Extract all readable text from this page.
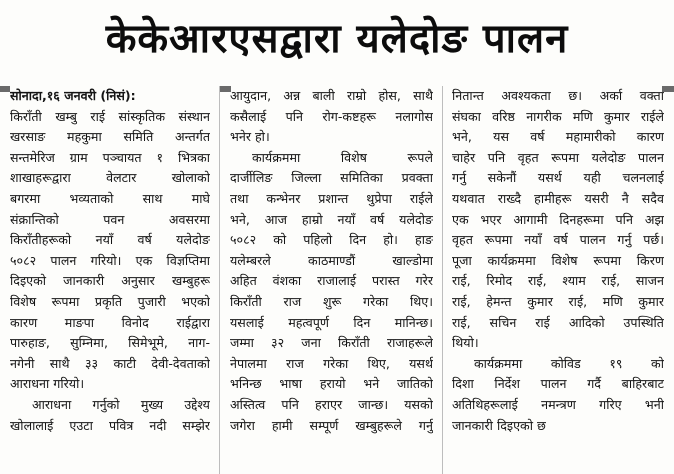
केकेआरएसद्वारा यलेदोङ पालन
सोनादा,१६ जनवरी (निसं):
किराँती खम्बु राई सांस्कृतिक संस्थान
खरसाङ महकुमा समिति अन्तर्गत
सन्तमेरिज ग्राम पञ्चायत १ भित्रका
शाखाहरूद्वारा वेलटार खोलाको
बगरमा भव्यताको साथ माघे
संक्रान्तिको पवन अवसरमा
किराँतीहरूको नयाँ वर्ष यलेदोङ
५०८२ पालन गरियो। एक विज्ञप्तिमा
दिइएको जानकारी अनुसार खम्बुहरू
विशेष रूपमा प्रकृति पुजारी भएको
कारण माङपा विनोद राईद्वारा
पारुहाङ, सुम्निमा, सिमेभूमे, नाग-
नगेनी साथै ३३ काटी देवी-देवताको
आराधना गरियो।
आराधना गर्नुको मुख्य उद्देश्य
खोलालाई एउटा पवित्र नदी सम्झेर
आयुदान, अन्न बाली राम्रो होस, साथै
कसैलाई पनि रोग-कष्टहरू नलागोस
भनेर हो।
कार्यक्रममा विशेष रूपले
दार्जीलिङ जिल्ला समितिका प्रवक्ता
तथा कन्भेनर प्रशान्त थुप्रेपा राईले
भने, आज हाम्रो नयाँ वर्ष यलेदोङ
५०८२ को पहिलो दिन हो। हाङ
यलेम्बरले काठमाण्डौं खाल्डोमा
अहित वंशका राजालाई परास्त गरेर
किराँती राज शुरू गरेका थिए।
यसलाई महत्वपूर्ण दिन मानिन्छ।
जम्मा ३२ जना किराँती राजाहरूले
नेपालमा राज गरेका थिए, यसर्थ
भनिन्छ भाषा हरायो भने जातिको
अस्तित्व पनि हराएर जान्छ। यसको
जगेरा हामी सम्पूर्ण खम्बुहरूले गर्नु
नितान्त अवश्यकता छ। अर्का वक्ता
संघका वरिष्ठ नागरीक मणि कुमार राईले
भने, यस वर्ष महामारीको कारण
चाहेर पनि वृहत रूपमा यलेदोङ पालन
गर्नु सकेनौं यसर्थ यही चलनलाई
यथवात राख्दै हामीहरू यसरी नै सदैव
एक भएर आगामी दिनहरूमा पनि अझ
वृहत रूपमा नयाँ वर्ष पालन गर्नु पर्छ।
पूजा कार्यक्रममा विशेष रूपमा किरण
राई, रिमोद राई, श्याम राई, साजन
राई, हेमन्त कुमार राई, मणि कुमार
राई, सचिन राई आदिको उपस्थिति
थियो।
कार्यक्रममा कोविड १९ को
दिशा निर्देश पालन गर्दै बाहिरबाट
अतिथिहरूलाई नमन्त्रण गरिए भनी
जानकारी दिइएको छ
